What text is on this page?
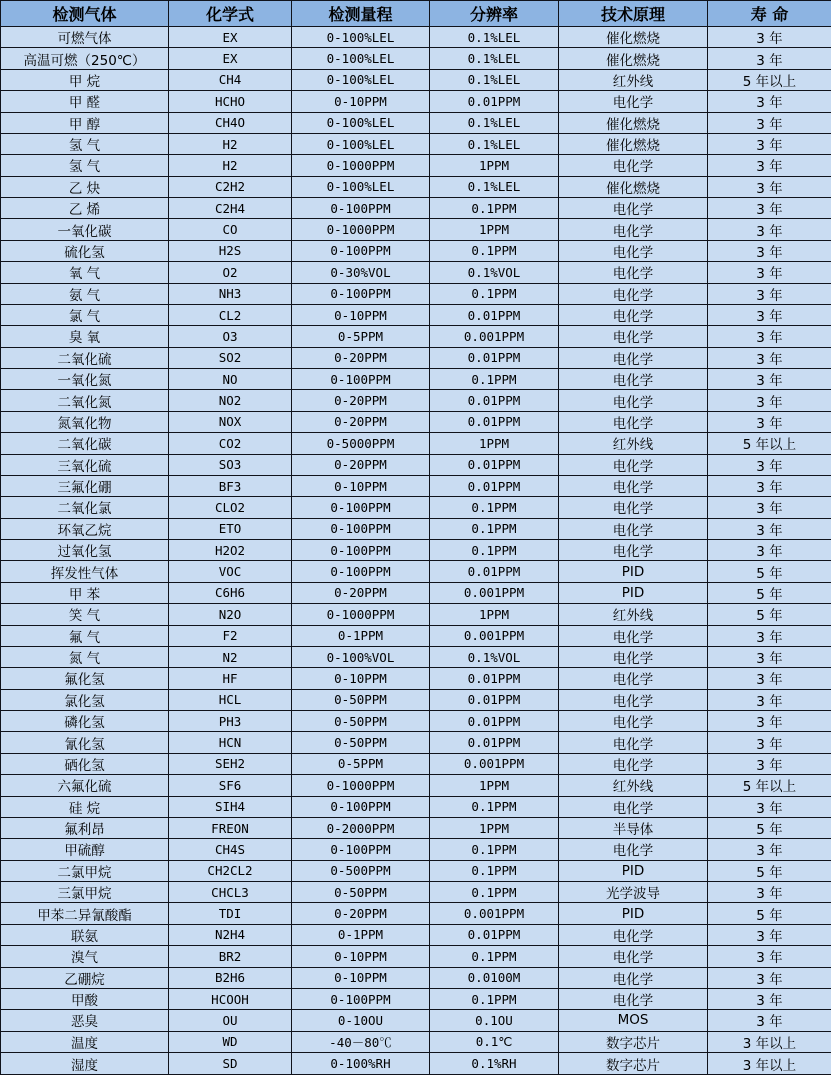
检测气体	化学式	检测量程	分辨率	技术原理	寿 命
可燃气体	EX	0-100%LEL	0.1%LEL	催化燃烧	3 年
高温可燃（250℃）	EX	0-100%LEL	0.1%LEL	催化燃烧	3 年
甲 烷	CH4	0-100%LEL	0.1%LEL	红外线	5 年以上
甲 醛	HCHO	0-10PPM	0.01PPM	电化学	3 年
甲 醇	CH4O	0-100%LEL	0.1%LEL	催化燃烧	3 年
氢 气	H2	0-100%LEL	0.1%LEL	催化燃烧	3 年
氢 气	H2	0-1000PPM	1PPM	电化学	3 年
乙 炔	C2H2	0-100%LEL	0.1%LEL	催化燃烧	3 年
乙 烯	C2H4	0-100PPM	0.1PPM	电化学	3 年
一氧化碳	CO	0-1000PPM	1PPM	电化学	3 年
硫化氢	H2S	0-100PPM	0.1PPM	电化学	3 年
氧 气	O2	0-30%VOL	0.1%VOL	电化学	3 年
氨 气	NH3	0-100PPM	0.1PPM	电化学	3 年
氯 气	CL2	0-10PPM	0.01PPM	电化学	3 年
臭 氧	O3	0-5PPM	0.001PPM	电化学	3 年
二氧化硫	SO2	0-20PPM	0.01PPM	电化学	3 年
一氧化氮	NO	0-100PPM	0.1PPM	电化学	3 年
二氧化氮	NO2	0-20PPM	0.01PPM	电化学	3 年
氮氧化物	NOX	0-20PPM	0.01PPM	电化学	3 年
二氧化碳	CO2	0-5000PPM	1PPM	红外线	5 年以上
三氧化硫	SO3	0-20PPM	0.01PPM	电化学	3 年
三氟化硼	BF3	0-10PPM	0.01PPM	电化学	3 年
二氧化氯	CLO2	0-100PPM	0.1PPM	电化学	3 年
环氧乙烷	ETO	0-100PPM	0.1PPM	电化学	3 年
过氧化氢	H2O2	0-100PPM	0.1PPM	电化学	3 年
挥发性气体	VOC	0-100PPM	0.01PPM	PID	5 年
甲 苯	C6H6	0-20PPM	0.001PPM	PID	5 年
笑 气	N2O	0-1000PPM	1PPM	红外线	5 年
氟 气	F2	0-1PPM	0.001PPM	电化学	3 年
氮 气	N2	0-100%VOL	0.1%VOL	电化学	3 年
氟化氢	HF	0-10PPM	0.01PPM	电化学	3 年
氯化氢	HCL	0-50PPM	0.01PPM	电化学	3 年
磷化氢	PH3	0-50PPM	0.01PPM	电化学	3 年
氰化氢	HCN	0-50PPM	0.01PPM	电化学	3 年
硒化氢	SEH2	0-5PPM	0.001PPM	电化学	3 年
六氟化硫	SF6	0-1000PPM	1PPM	红外线	5 年以上
硅 烷	SIH4	0-100PPM	0.1PPM	电化学	3 年
氟利昂	FREON	0-2000PPM	1PPM	半导体	5 年
甲硫醇	CH4S	0-100PPM	0.1PPM	电化学	3 年
二氯甲烷	CH2CL2	0-500PPM	0.1PPM	PID	5 年
三氯甲烷	CHCL3	0-50PPM	0.1PPM	光学波导	3 年
甲苯二异氰酸酯	TDI	0-20PPM	0.001PPM	PID	5 年
联氨	N2H4	0-1PPM	0.01PPM	电化学	3 年
溴气	BR2	0-10PPM	0.1PPM	电化学	3 年
乙硼烷	B2H6	0-10PPM	0.0100M	电化学	3 年
甲酸	HCOOH	0-100PPM	0.1PPM	电化学	3 年
恶臭	OU	0-10OU	0.1OU	MOS	3 年
温度	WD	-40－80℃	0.1℃	数字芯片	3 年以上
湿度	SD	0-100%RH	0.1%RH	数字芯片	3 年以上
